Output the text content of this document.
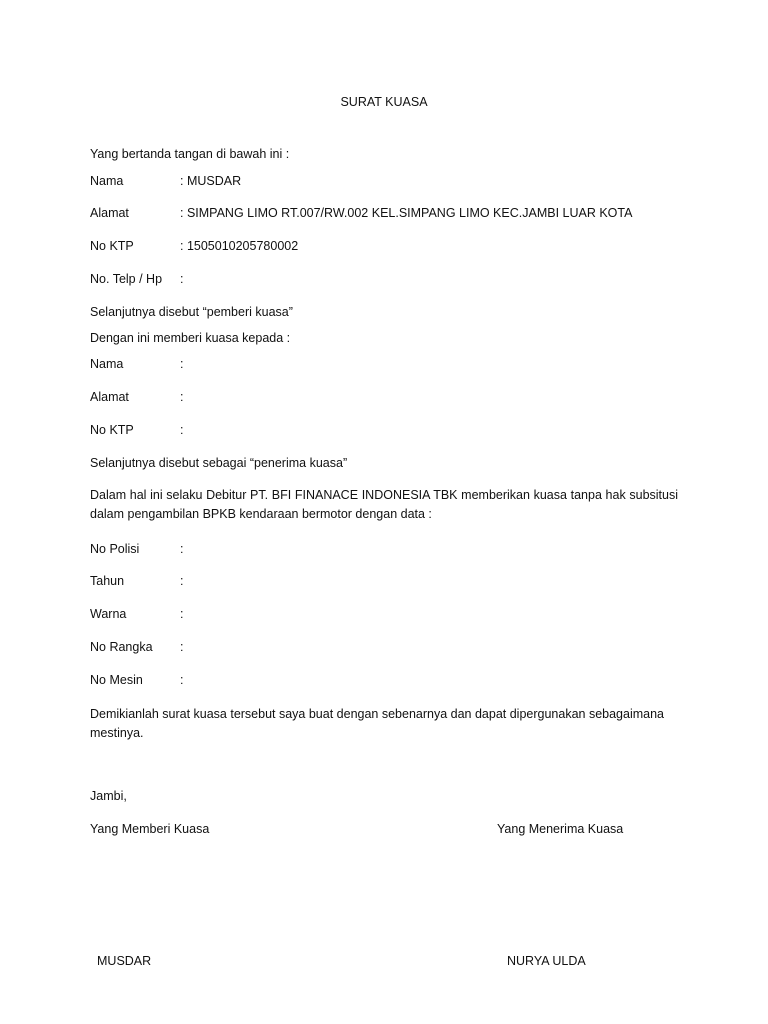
SURAT KUASA
Yang bertanda tangan di bawah ini :
Nama	: MUSDAR
Alamat	: SIMPANG LIMO RT.007/RW.002 KEL.SIMPANG LIMO KEC.JAMBI LUAR KOTA
No KTP	: 1505010205780002
No. Telp / Hp :
Selanjutnya disebut “pemberi kuasa”
Dengan ini memberi kuasa kepada :
Nama	:
Alamat	:
No KTP	:
Selanjutnya disebut sebagai “penerima kuasa”
Dalam hal ini selaku Debitur PT. BFI FINANACE INDONESIA TBK memberikan kuasa tanpa hak subsitusi dalam pengambilan BPKB kendaraan bermotor dengan data :
No Polisi	:
Tahun	:
Warna	:
No Rangka :
No Mesin	:
Demikianlah surat kuasa tersebut saya buat dengan sebenarnya dan dapat dipergunakan sebagaimana mestinya.
Jambi,
Yang Memberi Kuasa	Yang Menerima Kuasa
MUSDAR	NURYA ULDA
